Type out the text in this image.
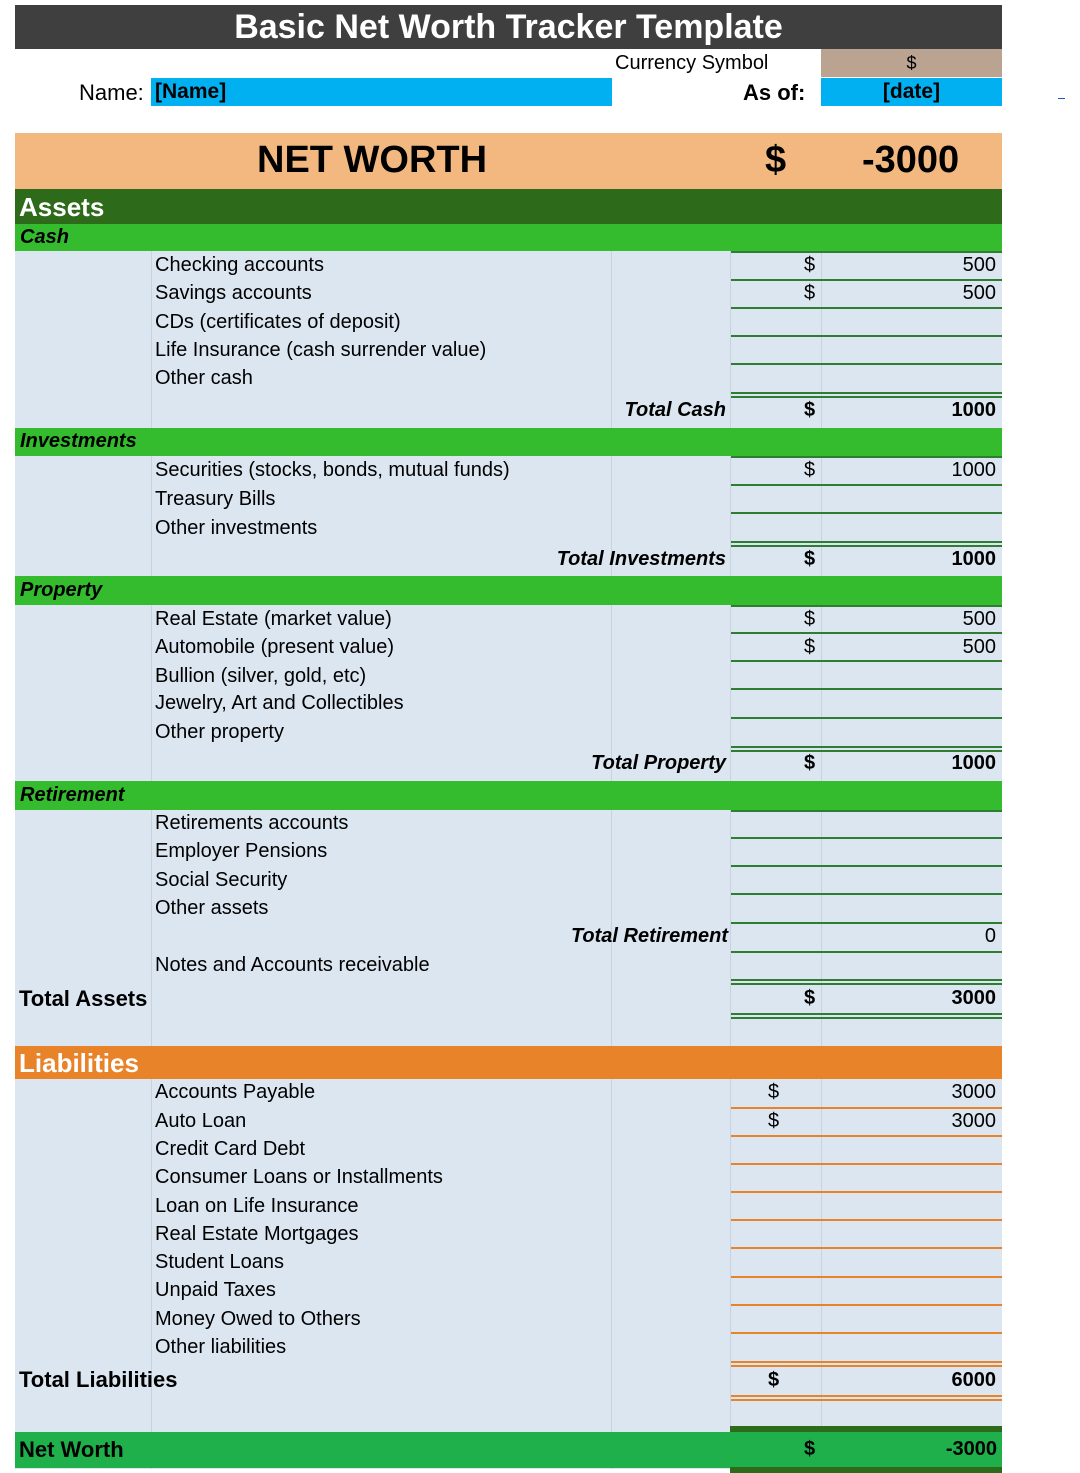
Basic Net Worth Tracker Template
Currency Symbol	$
Name: [Name]	As of:	[date]
NET WORTH	$ -3000
Assets
Cash
Checking accounts	$	500
Savings accounts	$	500
CDs (certificates of deposit)
Life Insurance (cash surrender value)
Other cash
Total Cash	$	1000
Investments
Securities (stocks, bonds, mutual funds)	$	1000
Treasury Bills
Other investments
Total Investments	$	1000
Property
Real Estate (market value)	$	500
Automobile (present value)	$	500
Bullion (silver, gold, etc)
Jewelry, Art and Collectibles
Other property
Total Property	$	1000
Retirement
Retirements accounts
Employer Pensions
Social Security
Other assets
Total Retirement	0
Notes and Accounts receivable
Total Assets	$	3000
Liabilities
Accounts Payable	$	3000
Auto Loan	$	3000
Credit Card Debt
Consumer Loans or Installments
Loan on Life Insurance
Real Estate Mortgages
Student Loans
Unpaid Taxes
Money Owed to Others
Other liabilities
Total Liabilities	$	6000
Net Worth	$	-3000
